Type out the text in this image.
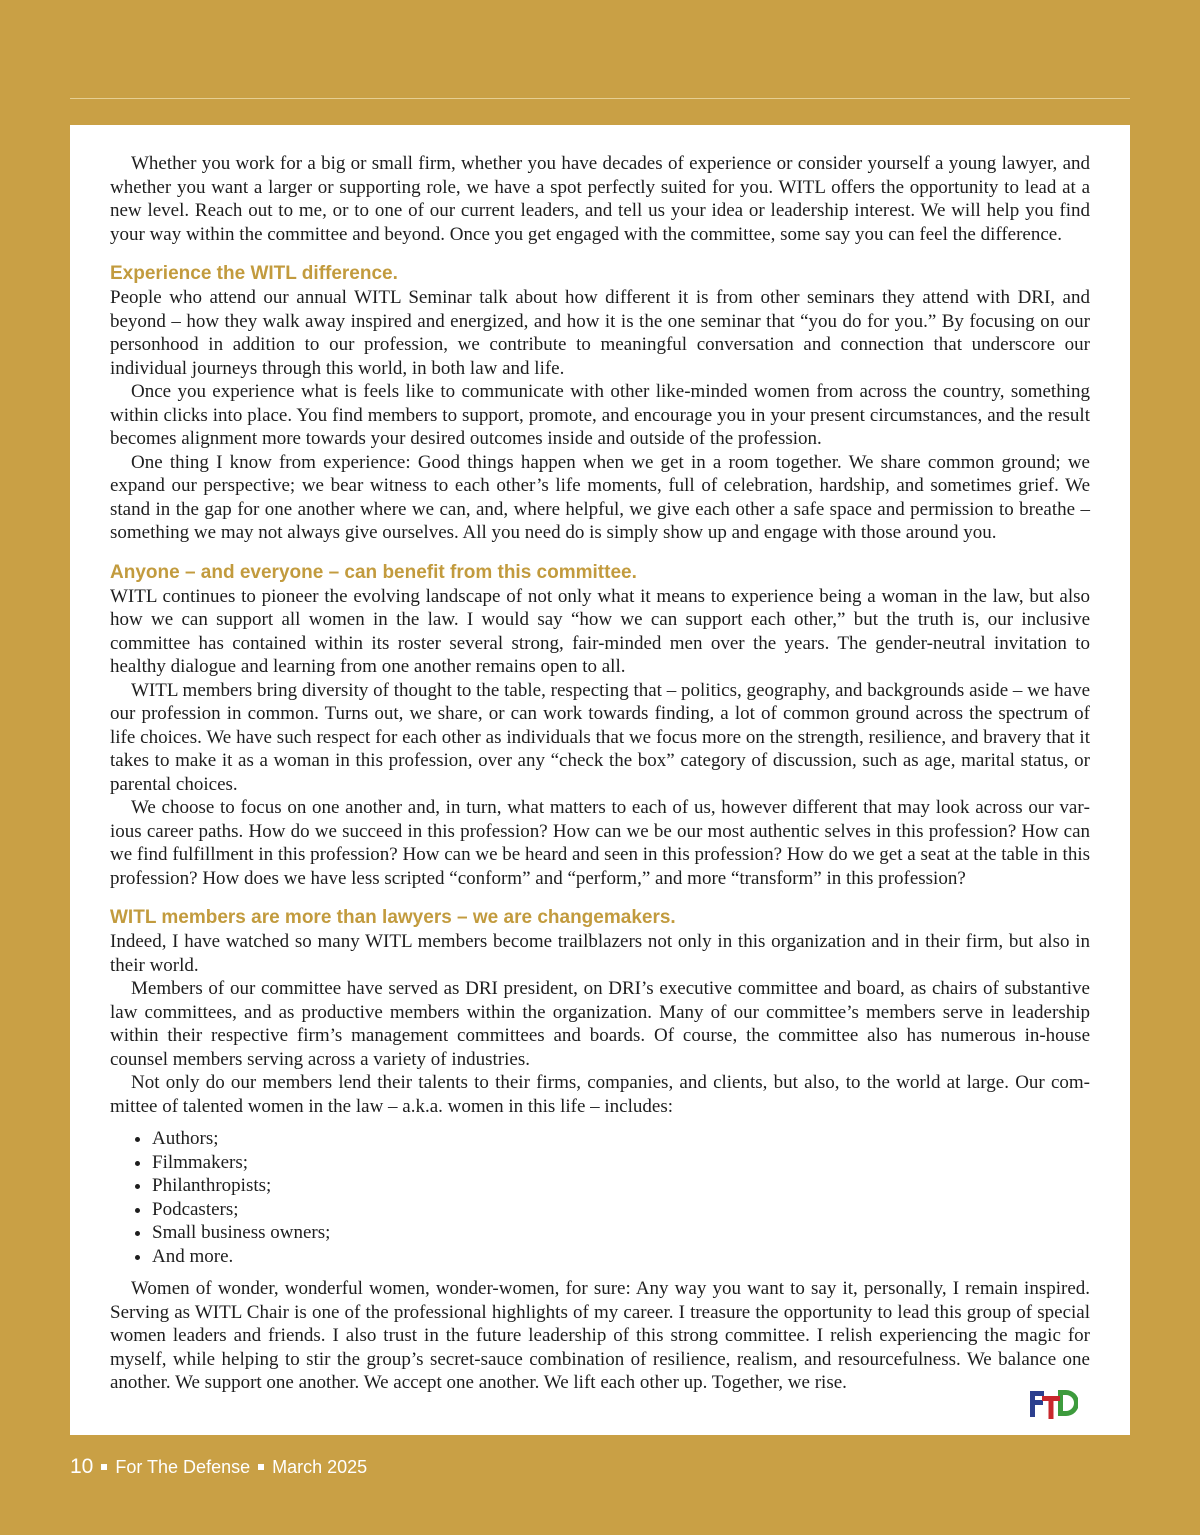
Whether you work for a big or small firm, whether you have decades of experience or consider yourself a young lawyer, and whether you want a larger or supporting role, we have a spot perfectly suited for you. WITL offers the opportunity to lead at a new level. Reach out to me, or to one of our current leaders, and tell us your idea or leadership interest. We will help you find your way within the committee and beyond. Once you get engaged with the committee, some say you can feel the difference.

Experience the WITL difference.

People who attend our annual WITL Seminar talk about how different it is from other seminars they attend with DRI, and beyond – how they walk away inspired and energized, and how it is the one seminar that “you do for you.” By focusing on our personhood in addition to our profession, we contribute to meaningful conversation and connection that underscore our individual journeys through this world, in both law and life.

Once you experience what is feels like to communicate with other like-minded women from across the country, something within clicks into place. You find members to support, promote, and encourage you in your present circumstances, and the result becomes alignment more towards your desired outcomes inside and outside of the profession.

One thing I know from experience: Good things happen when we get in a room together. We share common ground; we expand our perspective; we bear witness to each other’s life moments, full of celebration, hardship, and sometimes grief. We stand in the gap for one another where we can, and, where helpful, we give each other a safe space and permission to breathe – something we may not always give ourselves. All you need do is simply show up and engage with those around you.

Anyone – and everyone – can benefit from this committee.

WITL continues to pioneer the evolving landscape of not only what it means to experience being a woman in the law, but also how we can support all women in the law. I would say “how we can support each other,” but the truth is, our inclusive committee has contained within its roster several strong, fair-minded men over the years. The gender-neutral invitation to healthy dialogue and learning from one another remains open to all.

WITL members bring diversity of thought to the table, respecting that – politics, geography, and backgrounds aside – we have our profession in common. Turns out, we share, or can work towards finding, a lot of common ground across the spectrum of life choices. We have such respect for each other as individuals that we focus more on the strength, resilience, and bravery that it takes to make it as a woman in this profession, over any “check the box” category of discussion, such as age, marital status, or parental choices.

We choose to focus on one another and, in turn, what matters to each of us, however different that may look across our various career paths. How do we succeed in this profession? How can we be our most authentic selves in this profession? How can we find fulfillment in this profession? How can we be heard and seen in this profession? How do we get a seat at the table in this profession? How does we have less scripted “conform” and “perform,” and more “transform” in this profession?

WITL members are more than lawyers – we are changemakers.

Indeed, I have watched so many WITL members become trailblazers not only in this organization and in their firm, but also in their world.

Members of our committee have served as DRI president, on DRI’s executive committee and board, as chairs of substantive law committees, and as productive members within the organization. Many of our committee’s members serve in leadership within their respective firm’s management committees and boards. Of course, the committee also has numerous in-house counsel members serving across a variety of industries.

Not only do our members lend their talents to their firms, companies, and clients, but also, to the world at large. Our committee of talented women in the law – a.k.a. women in this life – includes:

• Authors;
• Filmmakers;
• Philanthropists;
• Podcasters;
• Small business owners;
• And more.

Women of wonder, wonderful women, wonder-women, for sure: Any way you want to say it, personally, I remain inspired. Serving as WITL Chair is one of the professional highlights of my career. I treasure the opportunity to lead this group of special women leaders and friends. I also trust in the future leadership of this strong committee. I relish experiencing the magic for myself, while helping to stir the group’s secret-sauce combination of resilience, realism, and resourcefulness. We balance one another. We support one another. We accept one another. We lift each other up. Together, we rise.

10 For The Defense March 2025
